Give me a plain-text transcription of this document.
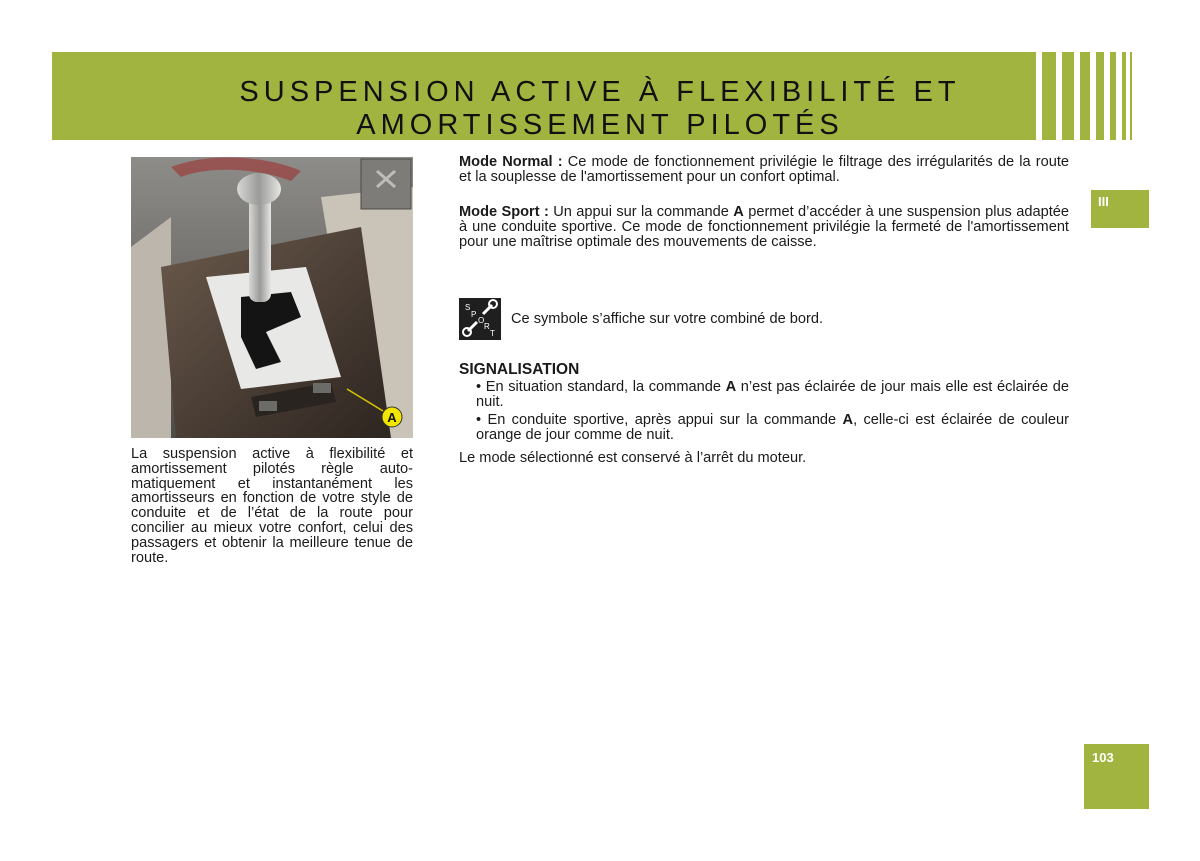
SUSPENSION ACTIVE À FLEXIBILITÉ ET
AMORTISSEMENT PILOTÉS
III
A
La suspension active à flexibilité et amortissement pilotés règle automatiquement et instantanément les amortisseurs en fonction de votre style de conduite et de l’état de la route pour concilier au mieux votre confort, celui des passagers et obtenir la meilleure tenue de route.
Mode Normal : Ce mode de fonctionnement privilégie le filtrage des irrégularités de la route et la souplesse de l'amortissement pour un confort optimal.
Mode Sport : Un appui sur la commande A permet d’accéder à une suspension plus adaptée à une conduite sportive. Ce mode de fonctionnement privilégie la fermeté de l'amortissement pour une maîtrise optimale des mouvements de caisse.
S
P
O
R
T
Ce symbole s’affiche sur votre combiné de bord.
SIGNALISATION
• En situation standard, la commande A n’est pas éclairée de jour mais elle est éclairée de nuit.
• En conduite sportive, après appui sur la commande A, celle-ci est éclairée de couleur orange de jour comme de nuit.
Le mode sélectionné est conservé à l’arrêt du moteur.
103
